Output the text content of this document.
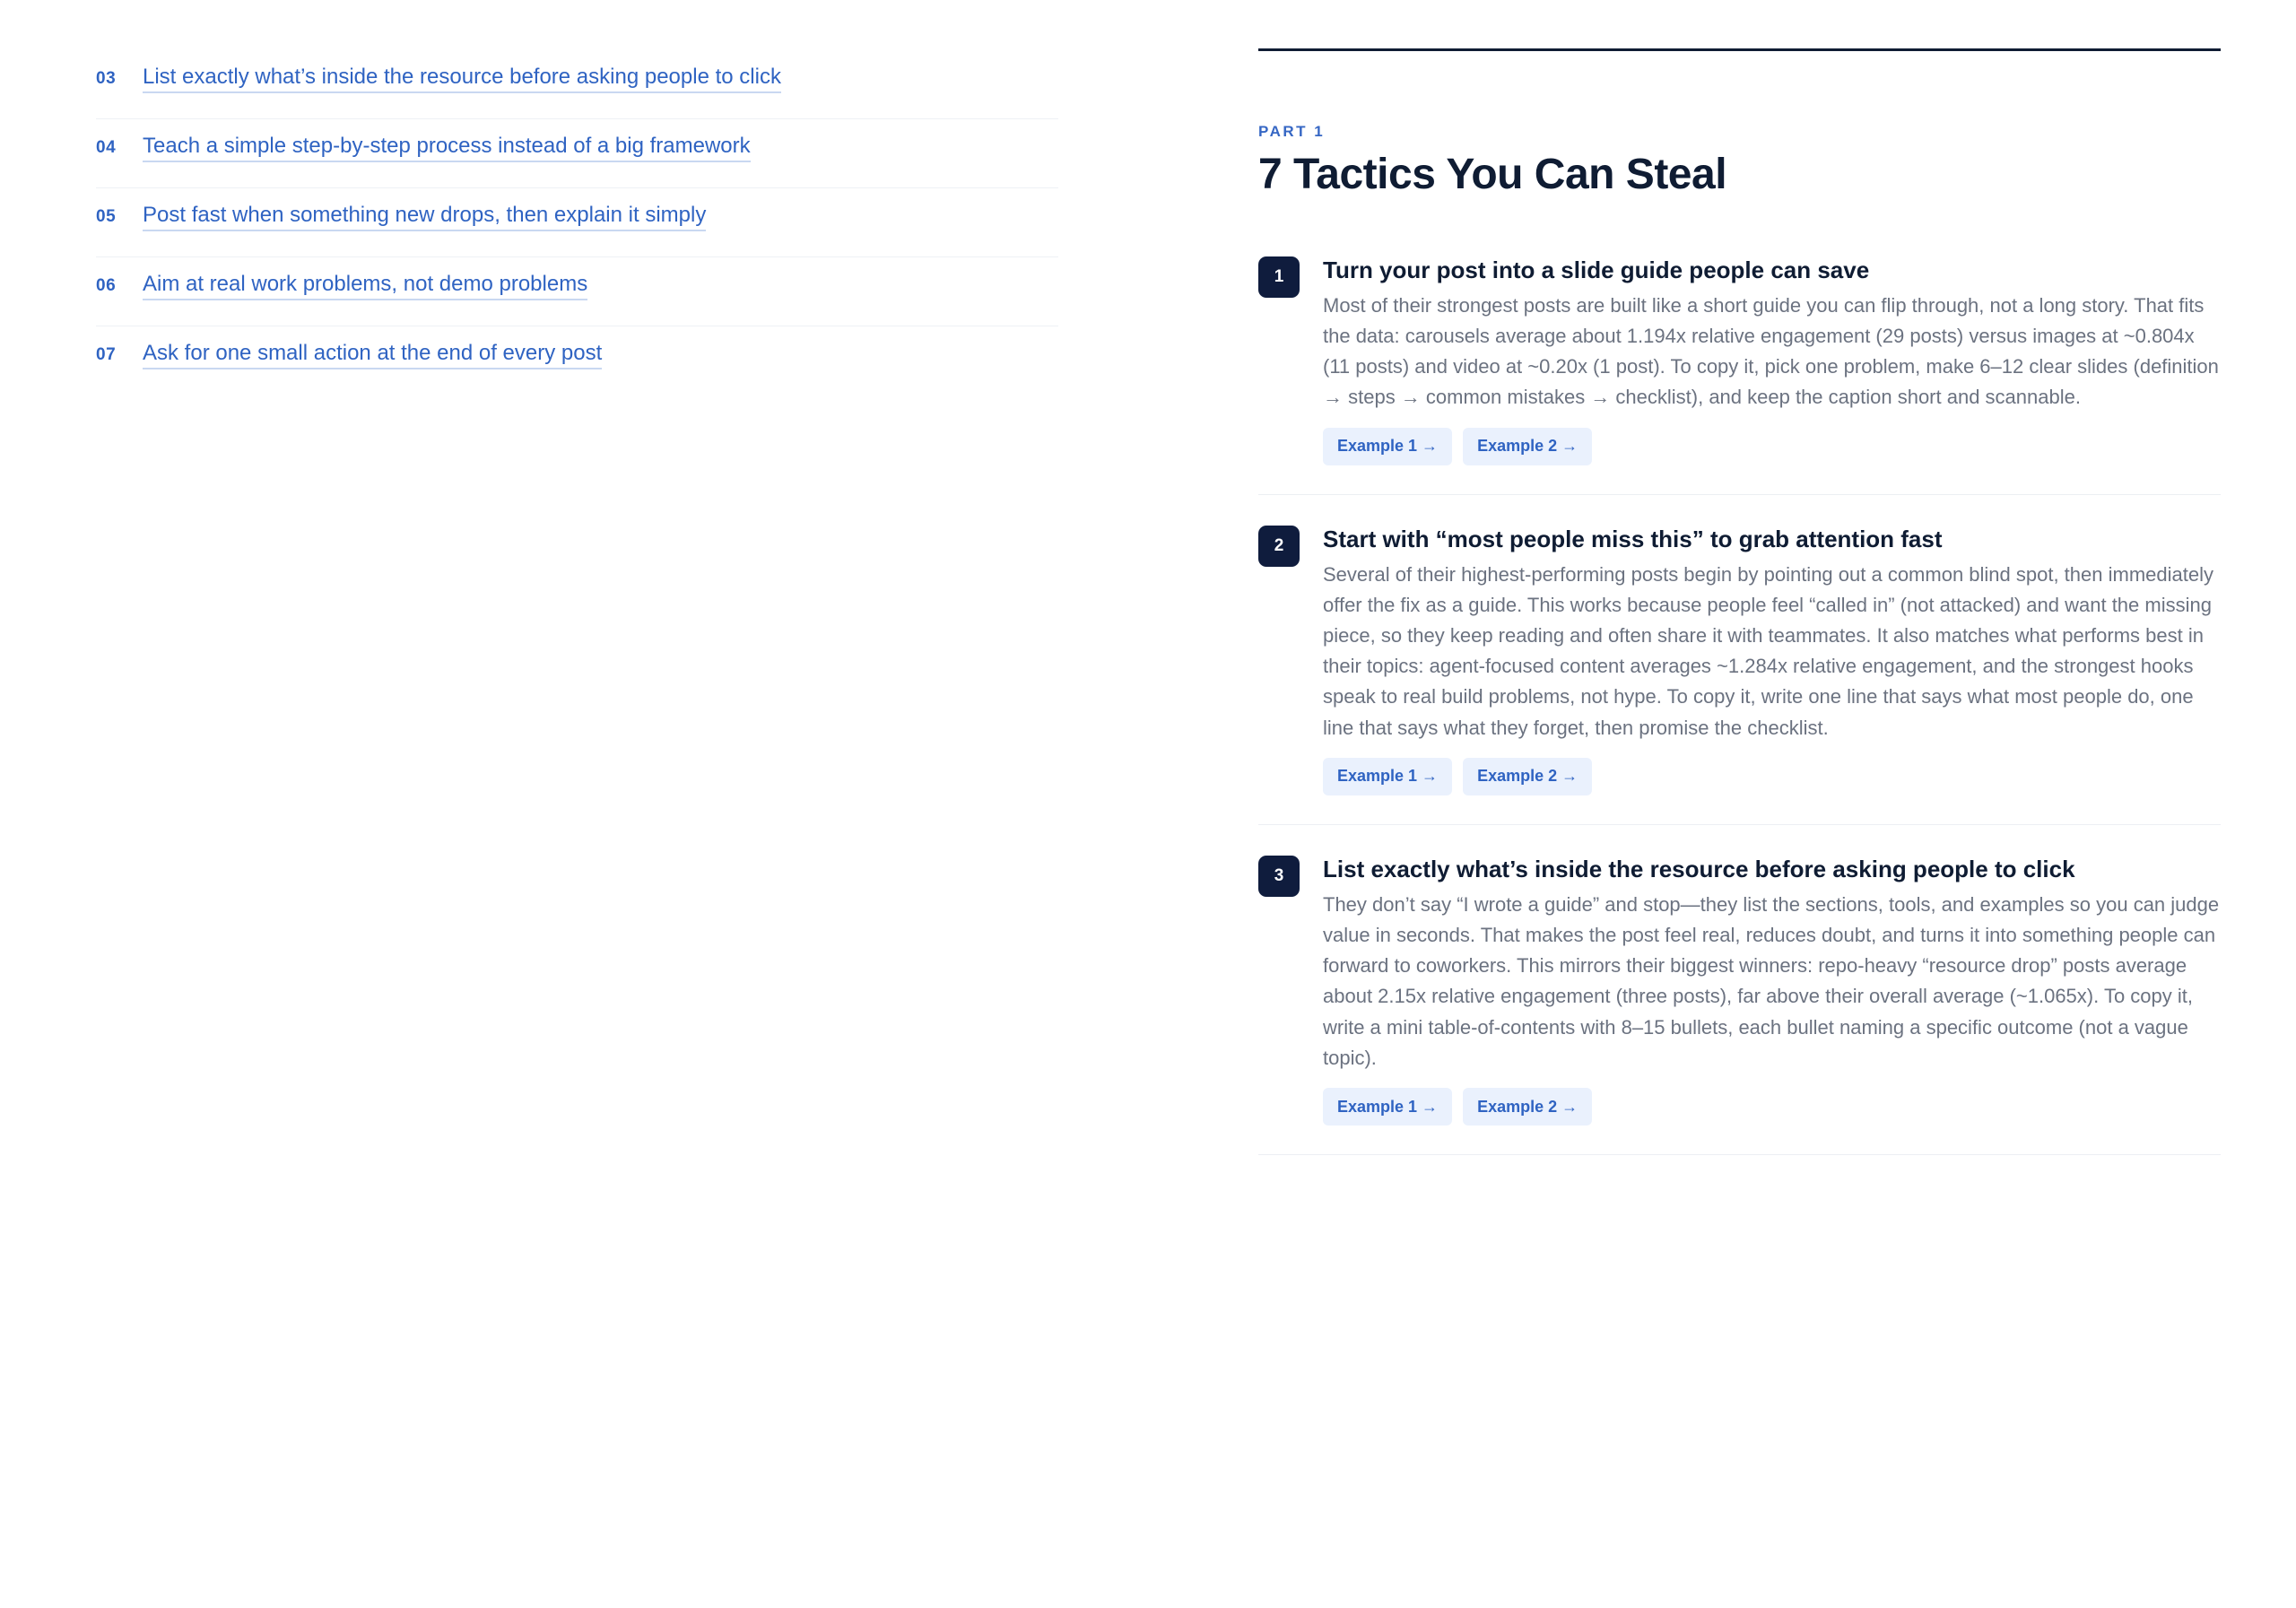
03	List exactly what’s inside the resource before asking people to click
04	Teach a simple step-by-step process instead of a big framework
05	Post fast when something new drops, then explain it simply
06	Aim at real work problems, not demo problems
07	Ask for one small action at the end of every post
PART 1
7 Tactics You Can Steal
1	Turn your post into a slide guide people can save

Most of their strongest posts are built like a short guide you can flip through, not a long story. That fits the data: carousels average about 1.194x relative engagement (29 posts) versus images at ~0.804x (11 posts) and video at ~0.20x (1 post). To copy it, pick one problem, make 6–12 clear slides (definition → steps → common mistakes → checklist), and keep the caption short and scannable.

Example 1 →	Example 2 →
2	Start with “most people miss this” to grab attention fast

Several of their highest-performing posts begin by pointing out a common blind spot, then immediately offer the fix as a guide. This works because people feel “called in” (not attacked) and want the missing piece, so they keep reading and often share it with teammates. It also matches what performs best in their topics: agent-focused content averages ~1.284x relative engagement, and the strongest hooks speak to real build problems, not hype. To copy it, write one line that says what most people do, one line that says what they forget, then promise the checklist.

Example 1 →	Example 2 →
3	List exactly what’s inside the resource before asking people to click

They don’t say “I wrote a guide” and stop—they list the sections, tools, and examples so you can judge value in seconds. That makes the post feel real, reduces doubt, and turns it into something people can forward to coworkers. This mirrors their biggest winners: repo-heavy “resource drop” posts average about 2.15x relative engagement (three posts), far above their overall average (~1.065x). To copy it, write a mini table-of-contents with 8–15 bullets, each bullet naming a specific outcome (not a vague topic).

Example 1 →	Example 2 →
